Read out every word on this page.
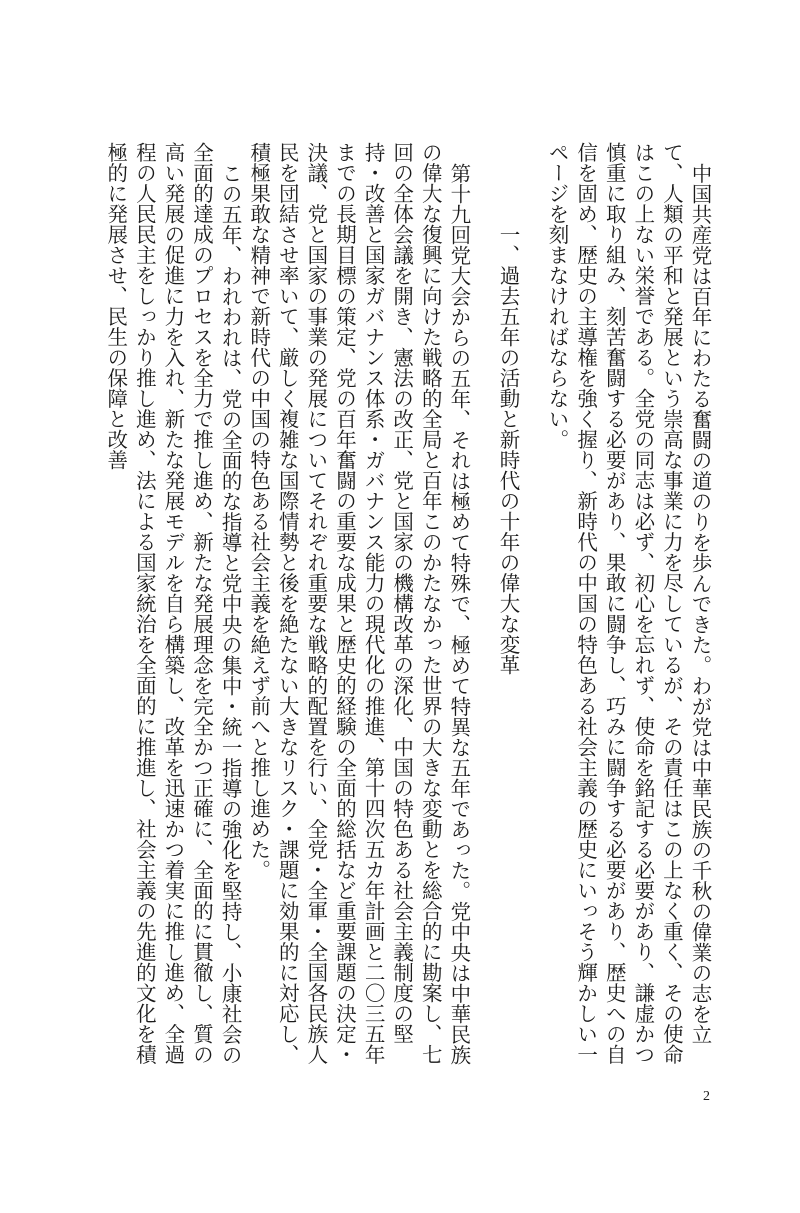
中国共産党は百年にわたる奮闘の道のりを歩んできた。わが党は中華民族の千秋の偉業の志を立て、人類の平和と発展という崇高な事業に力を尽しているが、その責任はこの上なく重く、その使命はこの上ない栄誉である。全党の同志は必ず、初心を忘れず、使命を銘記する必要があり、謙虚かつ慎重に取り組み、刻苦奮闘する必要があり、果敢に闘争し、巧みに闘争する必要があり、歴史への自信を固め、歴史の主導権を強く握り、新時代の中国の特色ある社会主義の歴史にいっそう輝かしい一ページを刻まなければならない。

一、過去五年の活動と新時代の十年の偉大な変革

第十九回党大会からの五年、それは極めて特殊で、極めて特異な五年であった。党中央は中華民族の偉大な復興に向けた戦略的全局と百年このかたなかった世界の大きな変動とを総合的に勘案し、七回の全体会議を開き、憲法の改正、党と国家の機構改革の深化、中国の特色ある社会主義制度の堅持・改善と国家ガバナンス体系・ガバナンス能力の現代化の推進、第十四次五カ年計画と二〇三五年までの長期目標の策定、党の百年奮闘の重要な成果と歴史的経験の全面的総括など重要課題の決定・決議、党と国家の事業の発展についてそれぞれ重要な戦略的配置を行い、全党・全軍・全国各民族人民を団結させ率いて、厳しく複雑な国際情勢と後を絶たない大きなリスク・課題に効果的に対応し、積極果敢な精神で新時代の中国の特色ある社会主義を絶えず前へと推し進めた。

この五年、われわれは、党の全面的な指導と党中央の集中・統一指導の強化を堅持し、小康社会の全面的達成のプロセスを全力で推し進め、新たな発展理念を完全かつ正確に、全面的に貫徹し、質の高い発展の促進に力を入れ、新たな発展モデルを自ら構築し、改革を迅速かつ着実に推し進め、全過程の人民民主をしっかり推し進め、法による国家統治を全面的に推進し、社会主義の先進的文化を積極的に発展させ、民生の保障と改善

2
